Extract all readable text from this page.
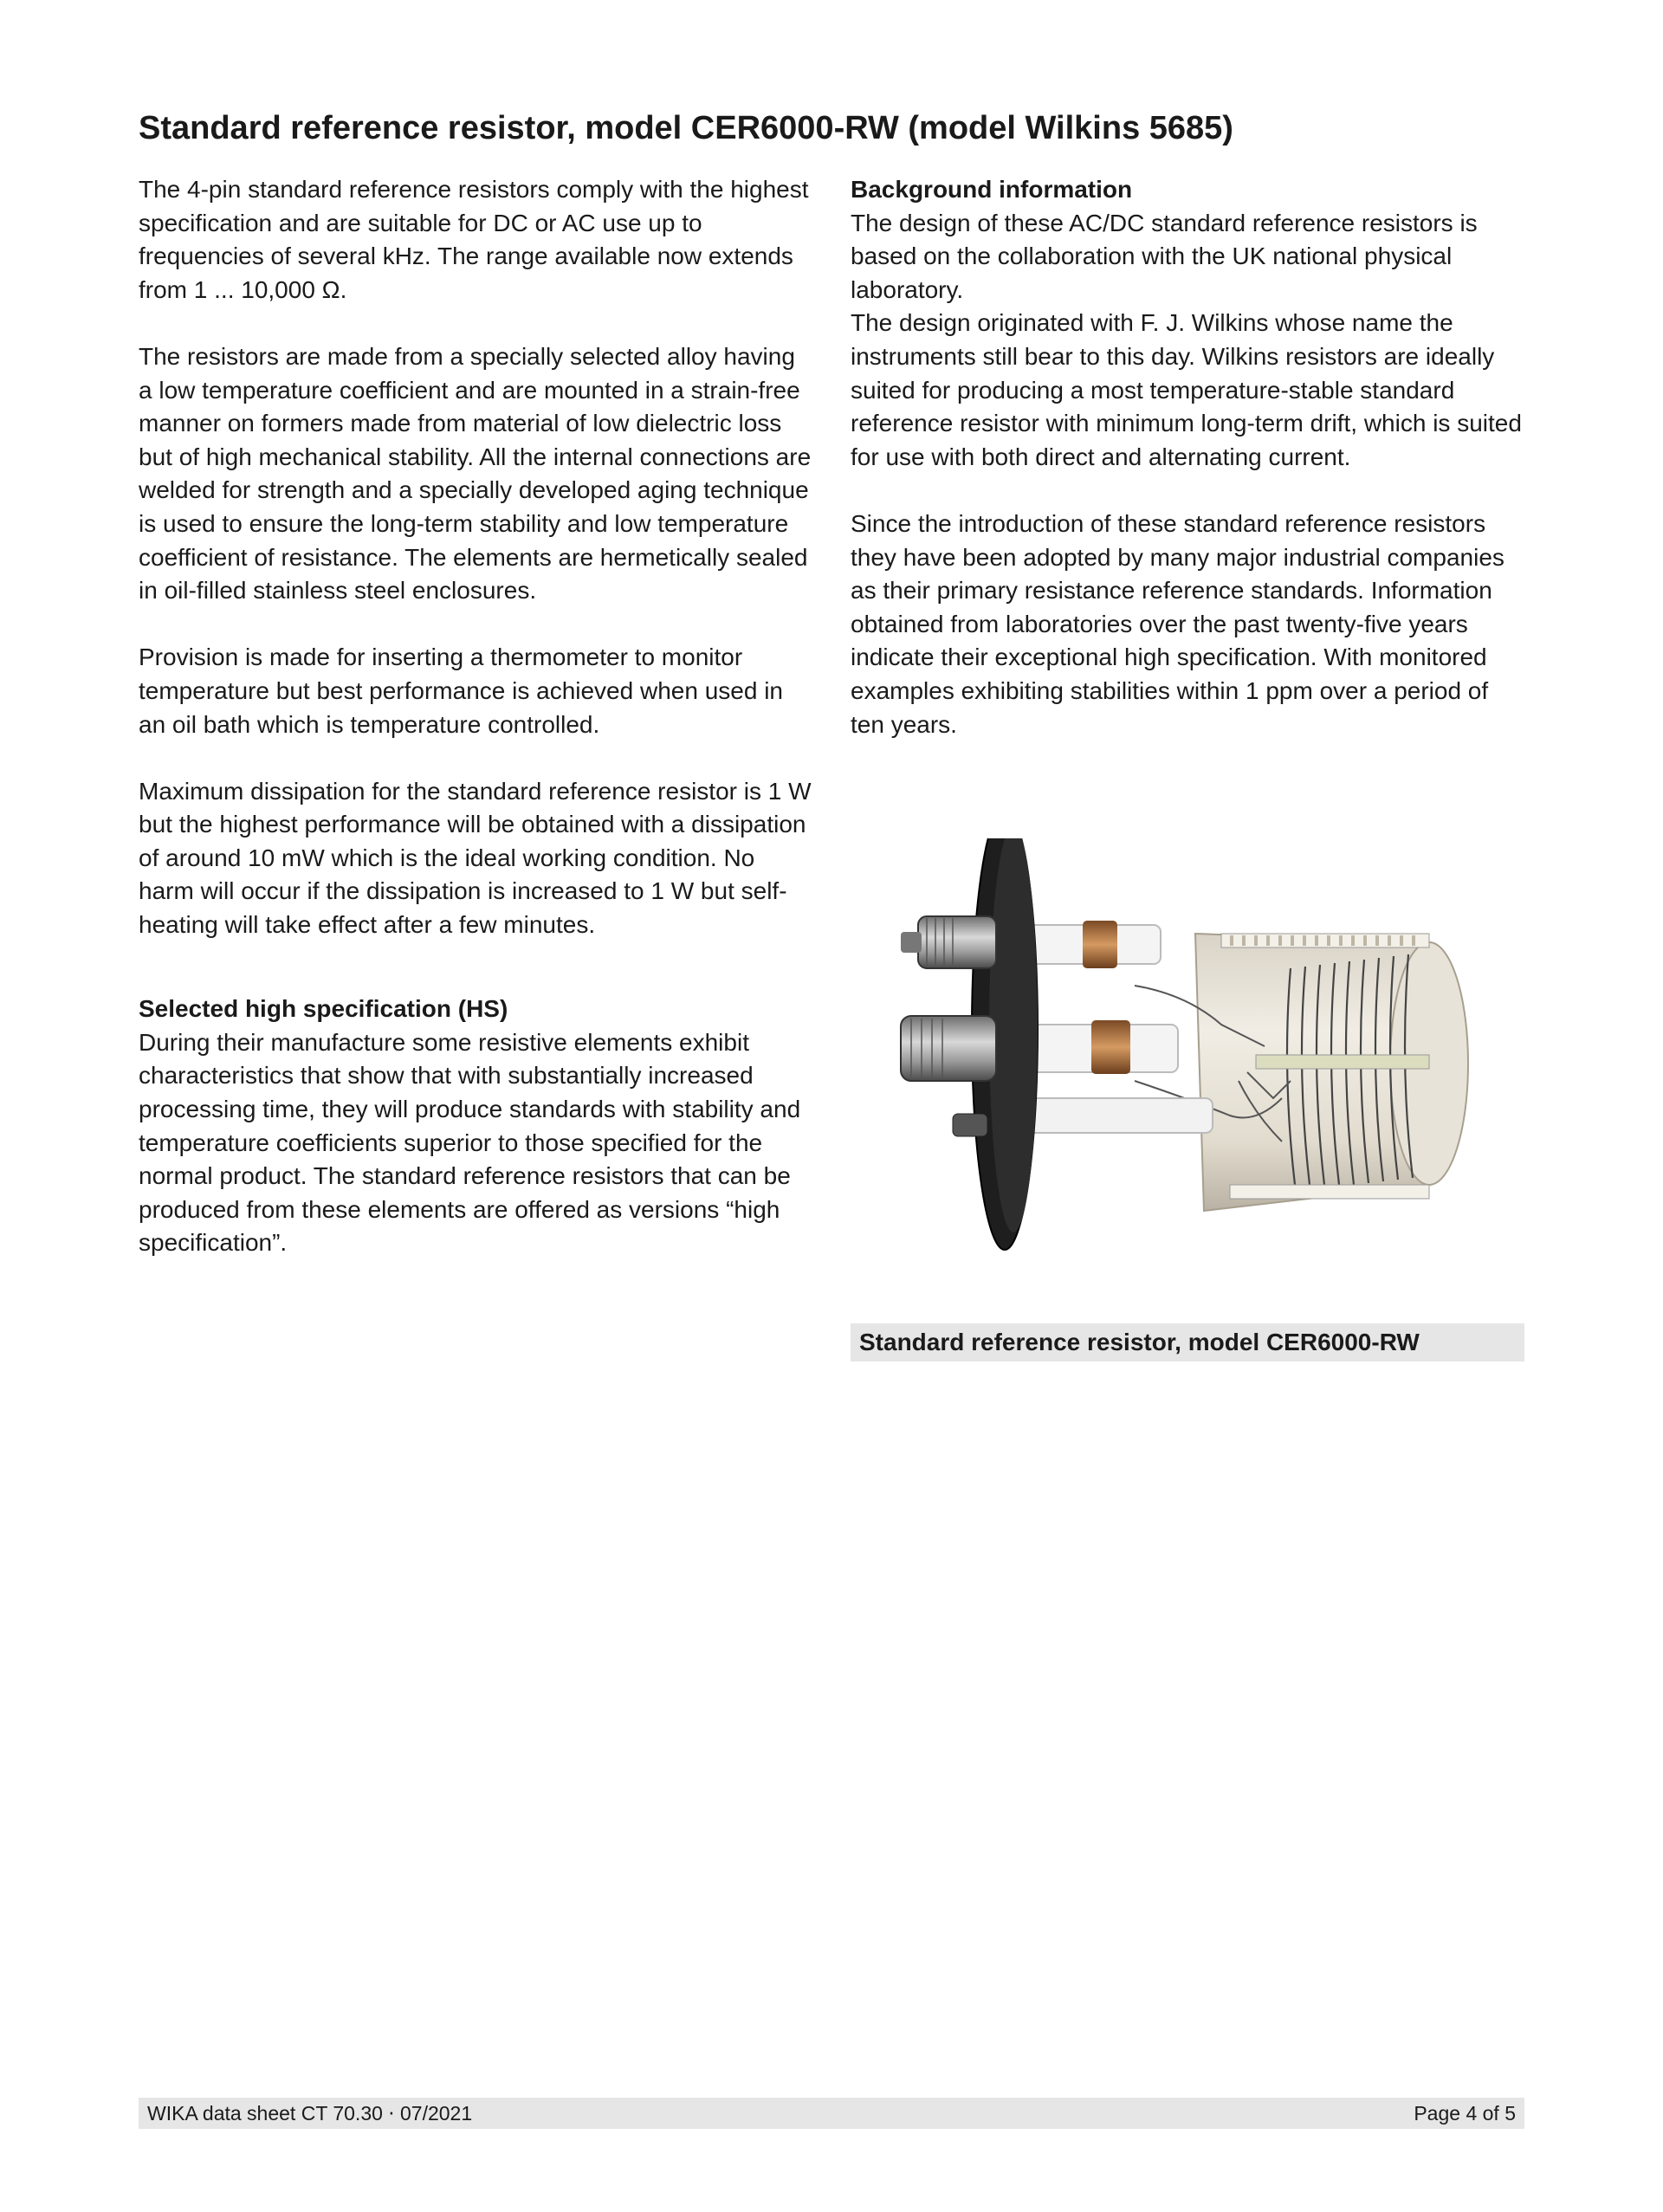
Standard reference resistor, model CER6000-RW (model Wilkins 5685)

The 4-pin standard reference resistors comply with the highest specification and are suitable for DC or AC use up to frequencies of several kHz. The range available now extends from 1 ... 10,000 Ω.

The resistors are made from a specially selected alloy having a low temperature coefficient and are mounted in a strain-free manner on formers made from material of low dielectric loss but of high mechanical stability. All the internal connections are welded for strength and a specially developed aging technique is used to ensure the long-term stability and low temperature coefficient of resistance. The elements are hermetically sealed in oil-filled stainless steel enclosures.

Provision is made for inserting a thermometer to monitor temperature but best performance is achieved when used in an oil bath which is temperature controlled.

Maximum dissipation for the standard reference resistor is 1 W but the highest performance will be obtained with a dissipation of around 10 mW which is the ideal working condition. No harm will occur if the dissipation is increased to 1 W but self-heating will take effect after a few minutes.

Selected high specification (HS)

During their manufacture some resistive elements exhibit characteristics that show that with substantially increased processing time, they will produce standards with stability and temperature coefficients superior to those specified for the normal product. The standard reference resistors that can be produced from these elements are offered as versions “high specification”.

Background information

The design of these AC/DC standard reference resistors is based on the collaboration with the UK national physical laboratory.

The design originated with F. J. Wilkins whose name the instruments still bear to this day. Wilkins resistors are ideally suited for producing a most temperature-stable standard reference resistor with minimum long-term drift, which is suited for use with both direct and alternating current.

Since the introduction of these standard reference resistors they have been adopted by many major industrial companies as their primary resistance reference standards. Information obtained from laboratories over the past twenty-five years indicate their exceptional high specification. With monitored examples exhibiting stabilities within 1 ppm over a period of ten years.

Standard reference resistor, model CER6000-RW
WIKA data sheet CT 70.30 ⋅ 07/2021	Page 4 of 5
